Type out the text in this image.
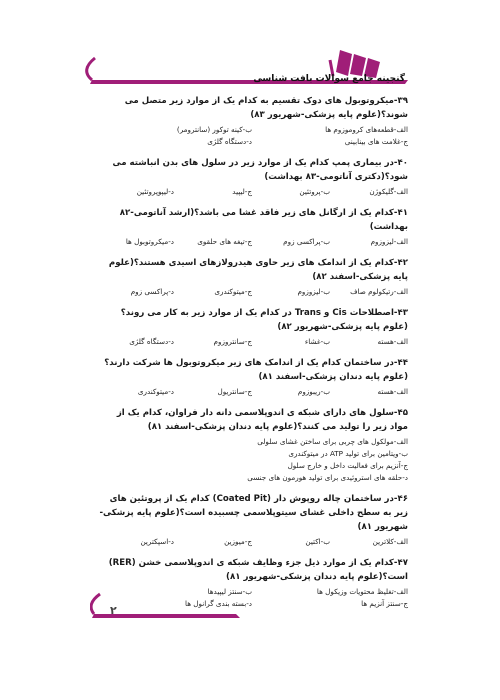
گنجینه جامع سوالات بافت شناسی
۳۹-میکروتوبول های دوک تقسیم به کدام یک از موارد زیر متصل می شوند؟(علوم پایه پزشکی-شهریور ۸۳)
الف-قطعه‌های کروموزوم ها
ب-کینه توکور (سانترومر)
ج-غلامت های بینابینی
د-دستگاه گلژی
۴۰-در بیماری پمپ کدام یک از موارد زیر در سلول های بدن انباشته می شود؟(دکتری آناتومی-۸۳ بهداشت)
الف-گلیکوژن
ب-پروتئین
ج-لیپید
د-لیپوپروتئین
۴۱-کدام یک از ارگانل های زیر فاقد غشا می باشد؟(ارشد آناتومی-۸۲ بهداشت)
الف-لیزوزوم
ب-پراکسی زوم
ج-تیغه های حلقوی
د-میکروتوبول ها
۴۲-کدام یک از اندامک های زیر حاوی هیدرولازهای اسیدی هستند؟(علوم پایه پزشکی-اسفند ۸۲)
الف-رتیکولوم صاف
ب-لیزوزوم
ج-میتوکندری
د-پراکسی زوم
۴۳-اصطلاحات Cis و Trans در کدام یک از موارد زیر به کار می روند؟(علوم پایه پزشکی-شهریور ۸۲)
الف-هسته
ب-غشاء
ج-سانتروزوم
د-دستگاه گلژی
۴۴-در ساختمان کدام یک از اندامک های زیر میکروتوبول ها شرکت دارند؟(علوم پایه دندان پزشکی-اسفند ۸۱)
الف-هسته
ب-ریبوزوم
ج-سانتریول
د-میتوکندری
۴۵-سلول های دارای شبکه ی اندوپلاسمی دانه دار فراوان، کدام یک از مواد زیر را تولید می کنند؟(علوم پایه دندان پزشکی-اسفند ۸۱)
الف-مولکول های چربی برای ساختن غشای سلولی
ب-ویتامین برای تولید ATP در میتوکندری
ج-آنزیم برای فعالیت داخل و خارج سلول
د-حلقه های استروئیدی برای تولید هورمون های جنسی
۴۶-در ساختمان چاله روپوش دار (Coated Pit) کدام یک از پروتئین های زیر به سطح داخلی غشای سیتوپلاسمی چسبیده است؟(علوم پایه پزشکی-شهریور ۸۱)
الف-کلاترین
ب-اکتین
ج-میوزین
د-اسپکترین
۴۷-کدام یک از موارد ذیل جزء وظایف شبکه ی اندوپلاسمی خشن (RER) است؟(علوم پایه دندان پزشکی-شهریور ۸۱)
الف-تغلیظ محتویات وزیکول ها
ب-سنتز لیپیدها
ج-سنتز آنزیم ها
د-بسته بندی گرانول ها
۲
